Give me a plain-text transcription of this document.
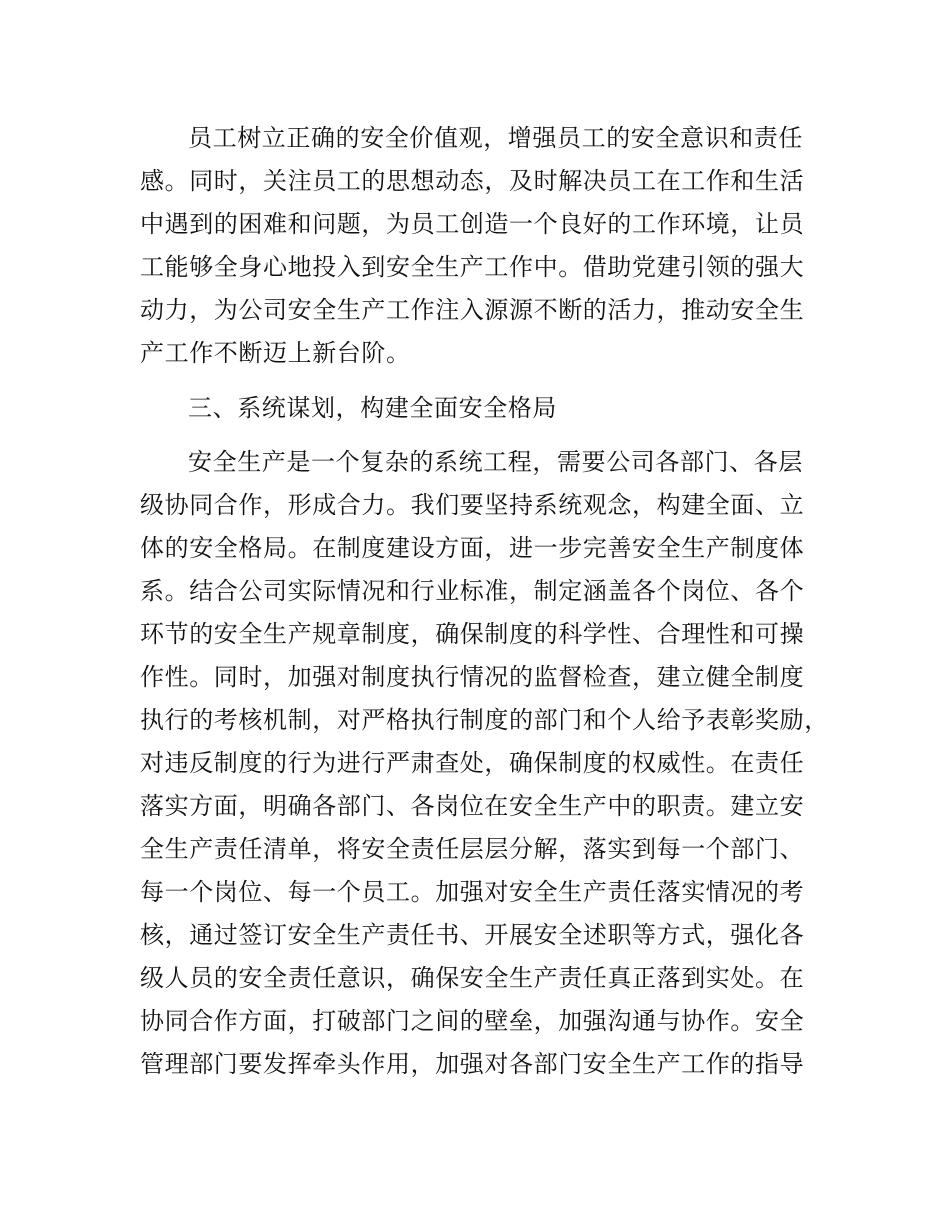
员工树立正确的安全价值观，增强员工的安全意识和责任
感。同时，关注员工的思想动态，及时解决员工在工作和生活
中遇到的困难和问题，为员工创造一个良好的工作环境，让员
工能够全身心地投入到安全生产工作中。借助党建引领的强大
动力，为公司安全生产工作注入源源不断的活力，推动安全生
产工作不断迈上新台阶。
三、系统谋划，构建全面安全格局
安全生产是一个复杂的系统工程，需要公司各部门、各层
级协同合作，形成合力。我们要坚持系统观念，构建全面、立
体的安全格局。在制度建设方面，进一步完善安全生产制度体
系。结合公司实际情况和行业标准，制定涵盖各个岗位、各个
环节的安全生产规章制度，确保制度的科学性、合理性和可操
作性。同时，加强对制度执行情况的监督检查，建立健全制度
执行的考核机制，对严格执行制度的部门和个人给予表彰奖励，
对违反制度的行为进行严肃查处，确保制度的权威性。在责任
落实方面，明确各部门、各岗位在安全生产中的职责。建立安
全生产责任清单，将安全责任层层分解，落实到每一个部门、
每一个岗位、每一个员工。加强对安全生产责任落实情况的考
核，通过签订安全生产责任书、开展安全述职等方式，强化各
级人员的安全责任意识，确保安全生产责任真正落到实处。在
协同合作方面，打破部门之间的壁垒，加强沟通与协作。安全
管理部门要发挥牵头作用，加强对各部门安全生产工作的指导
